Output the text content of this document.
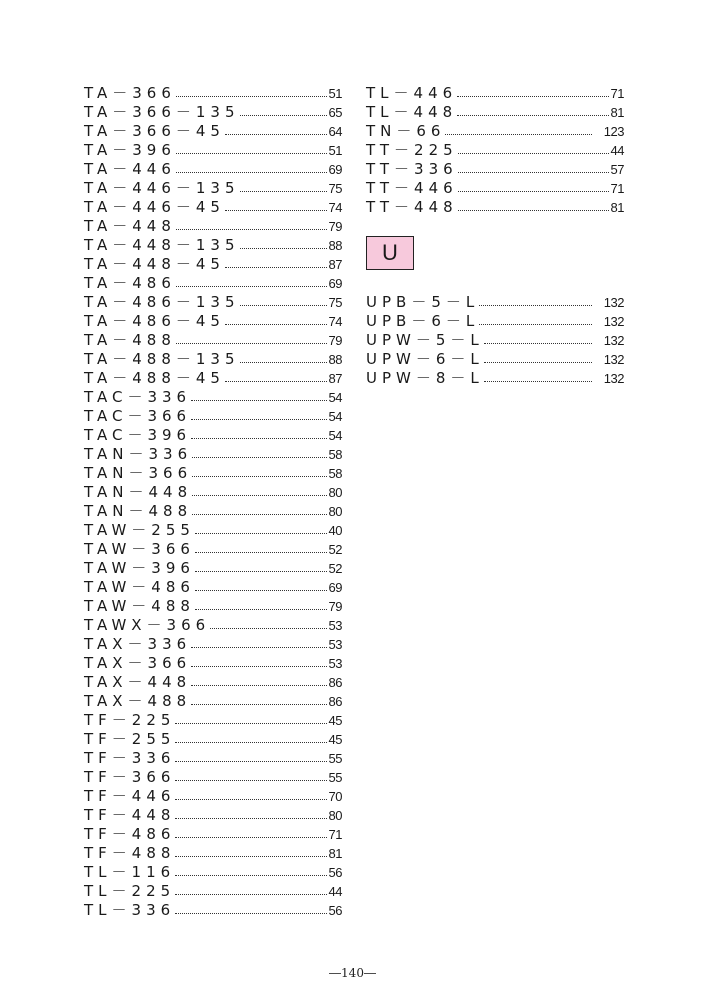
TA－366	51
TA－366－135	65
TA－366－45	64
TA－396	51
TA－446	69
TA－446－135	75
TA－446－45	74
TA－448	79
TA－448－135	88
TA－448－45	87
TA－486	69
TA－486－135	75
TA－486－45	74
TA－488	79
TA－488－135	88
TA－488－45	87
TAC－336	54
TAC－366	54
TAC－396	54
TAN－336	58
TAN－366	58
TAN－448	80
TAN－488	80
TAW－255	40
TAW－366	52
TAW－396	52
TAW－486	69
TAW－488	79
TAWX－366	53
TAX－336	53
TAX－366	53
TAX－448	86
TAX－488	86
TF－225	45
TF－255	45
TF－336	55
TF－366	55
TF－446	70
TF－448	80
TF－486	71
TF－488	81
TL－116	56
TL－225	44
TL－336	56
TL－446	71
TL－448	81
TN－66	123
TT－225	44
TT－336	57
TT－446	71
TT－448	81
U
UPB－5－L	132
UPB－6－L	132
UPW－5－L	132
UPW－6－L	132
UPW－8－L	132
―140―
